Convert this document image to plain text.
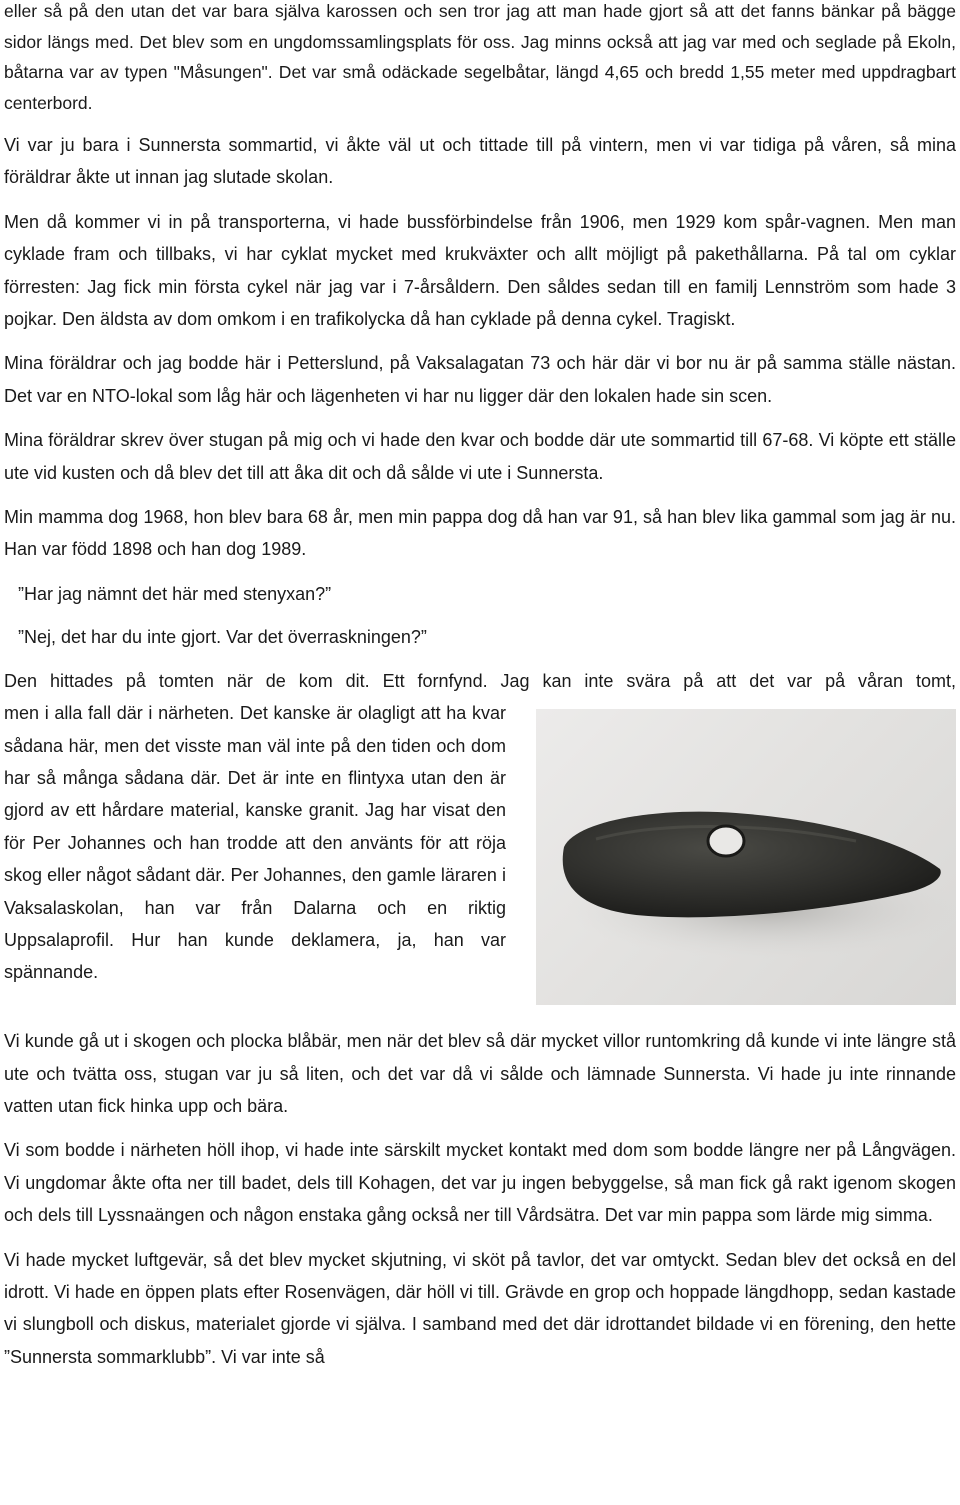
eller så på den utan det var bara själva karossen och sen tror jag att man hade gjort så att det fanns bänkar på bägge sidor längs med. Det blev som en ungdomssamlingsplats för oss. Jag minns också att jag var med och seglade på Ekoln, båtarna var av typen "Måsungen". Det var små odäckade segelbåtar, längd 4,65 och bredd 1,55 meter med uppdragbart centerbord.

Vi var ju bara i Sunnersta sommartid, vi åkte väl ut och tittade till på vintern, men vi var tidiga på våren, så mina föräldrar åkte ut innan jag slutade skolan.

Men då kommer vi in på transporterna, vi hade bussförbindelse från 1906, men 1929 kom spår-vagnen. Men man cyklade fram och tillbaks, vi har cyklat mycket med krukväxter och allt möjligt på pakethållarna. På tal om cyklar förresten: Jag fick min första cykel när jag var i 7-årsåldern. Den såldes sedan till en familj Lennström som hade 3 pojkar. Den äldsta av dom omkom i en trafikolycka då han cyklade på denna cykel. Tragiskt.

Mina föräldrar och jag bodde här i Petterslund, på Vaksalagatan 73 och här där vi bor nu är på samma ställe nästan. Det var en NTO-lokal som låg här och lägenheten vi har nu ligger där den lokalen hade sin scen.

Mina föräldrar skrev över stugan på mig och vi hade den kvar och bodde där ute sommartid till 67-68. Vi köpte ett ställe ute vid kusten och då blev det till att åka dit och då sålde vi ute i Sunnersta.

Min mamma dog 1968, hon blev bara 68 år, men min pappa dog då han var 91, så han blev lika gammal som jag är nu. Han var född 1898 och han dog 1989.

”Har jag nämnt det här med stenyxan?”

”Nej, det har du inte gjort. Var det överraskningen?”

Den hittades på tomten när de kom dit. Ett fornfynd. Jag kan inte svära på att det var på våran tomt,

men i alla fall där i närheten. Det kanske är olagligt att ha kvar sådana här, men det visste man väl inte på den tiden och dom har så många sådana där. Det är inte en flintyxa utan den är gjord av ett hårdare material, kanske granit. Jag har visat den för Per Johannes och han trodde att den använts för att röja skog eller något sådant där. Per Johannes, den gamle läraren i Vaksalaskolan, han var från Dalarna och en riktig Uppsalaprofil. Hur han kunde deklamera, ja, han var spännande.

Vi kunde gå ut i skogen och plocka blåbär, men när det blev så där mycket villor runtomkring då kunde vi inte längre stå ute och tvätta oss, stugan var ju så liten, och det var då vi sålde och lämnade Sunnersta. Vi hade ju inte rinnande vatten utan fick hinka upp och bära.

Vi som bodde i närheten höll ihop, vi hade inte särskilt mycket kontakt med dom som bodde längre ner på Långvägen. Vi ungdomar åkte ofta ner till badet, dels till Kohagen, det var ju ingen bebyggelse, så man fick gå rakt igenom skogen och dels till Lyssnaängen och någon enstaka gång också ner till Vårdsätra. Det var min pappa som lärde mig simma.

Vi hade mycket luftgevär, så det blev mycket skjutning, vi sköt på tavlor, det var omtyckt. Sedan blev det också en del idrott. Vi hade en öppen plats efter Rosenvägen, där höll vi till. Grävde en grop och hoppade längdhopp, sedan kastade vi slungboll och diskus, materialet gjorde vi själva. I samband med det där idrottandet bildade vi en förening, den hette ”Sunnersta sommarklubb”. Vi var inte så
